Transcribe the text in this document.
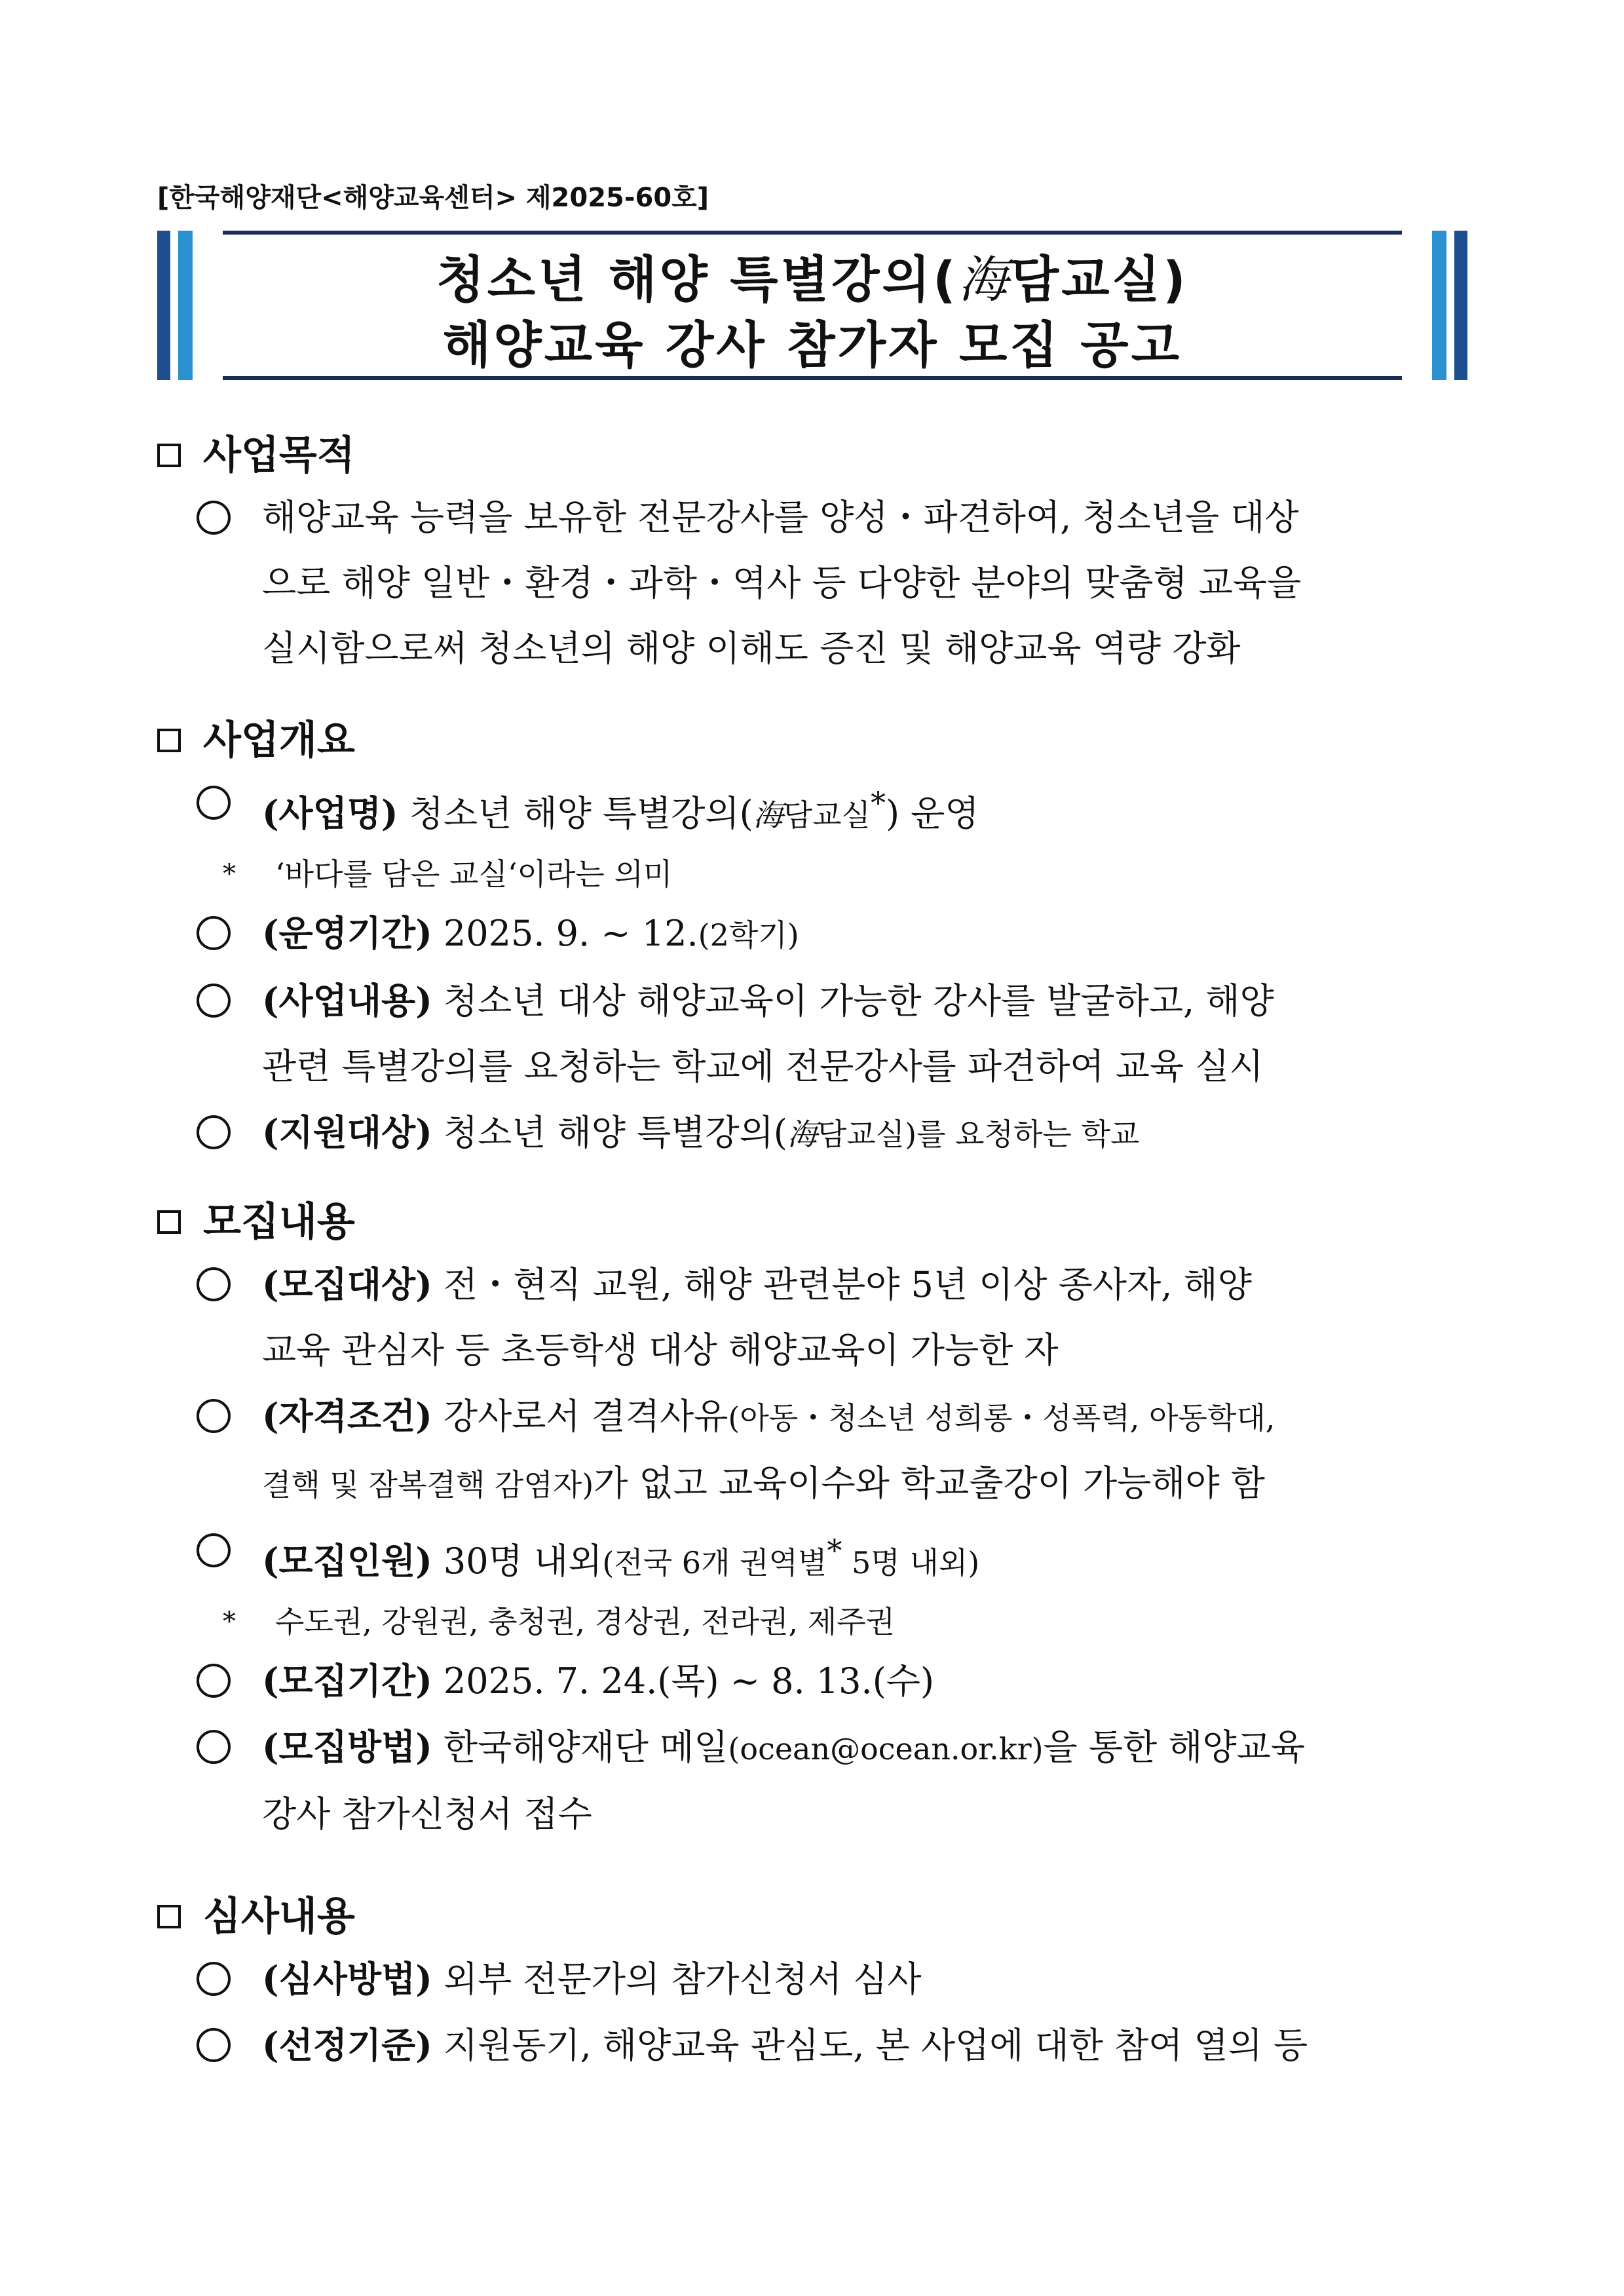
[한국해양재단<해양교육센터> 제2025-60호]
청소년 해양 특별강의(海담교실)
해양교육 강사 참가자 모집 공고
사업목적
해양교육 능력을 보유한 전문강사를 양성・파견하여, 청소년을 대상
으로 해양 일반・환경・과학・역사 등 다양한 분야의 맞춤형 교육을
실시함으로써 청소년의 해양 이해도 증진 및 해양교육 역량 강화
사업개요
(사업명) 청소년 해양 특별강의(海담교실*) 운영
* ‘바다를 담은 교실‘이라는 의미
(운영기간) 2025. 9. ~ 12.(2학기)
(사업내용) 청소년 대상 해양교육이 가능한 강사를 발굴하고, 해양
관련 특별강의를 요청하는 학교에 전문강사를 파견하여 교육 실시
(지원대상) 청소년 해양 특별강의(海담교실)를 요청하는 학교
모집내용
(모집대상) 전・현직 교원, 해양 관련분야 5년 이상 종사자, 해양
교육 관심자 등 초등학생 대상 해양교육이 가능한 자
(자격조건) 강사로서 결격사유(아동・청소년 성희롱・성폭력, 아동학대,
결핵 및 잠복결핵 감염자)가 없고 교육이수와 학교출강이 가능해야 함
(모집인원) 30명 내외(전국 6개 권역별* 5명 내외)
* 수도권, 강원권, 충청권, 경상권, 전라권, 제주권
(모집기간) 2025. 7. 24.(목) ~ 8. 13.(수)
(모집방법) 한국해양재단 메일(ocean@ocean.or.kr)을 통한 해양교육
강사 참가신청서 접수
심사내용
(심사방법) 외부 전문가의 참가신청서 심사
(선정기준) 지원동기, 해양교육 관심도, 본 사업에 대한 참여 열의 등
